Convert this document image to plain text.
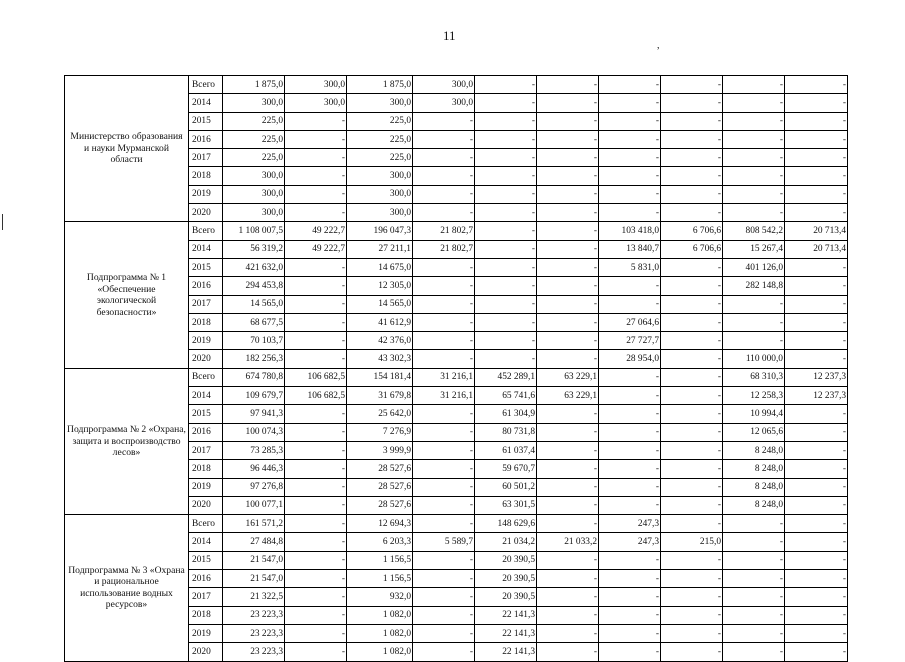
11
,
Министерство образования и науки Мурманской области	Всего	1 875,0	300,0	1 875,0	300,0	-	-	-	-	-	-
	2014	300,0	300,0	300,0	300,0	-	-	-	-	-	-
	2015	225,0	-	225,0	-	-	-	-	-	-	-
	2016	225,0	-	225,0	-	-	-	-	-	-	-
	2017	225,0	-	225,0	-	-	-	-	-	-	-
	2018	300,0	-	300,0	-	-	-	-	-	-	-
	2019	300,0	-	300,0	-	-	-	-	-	-	-
	2020	300,0	-	300,0	-	-	-	-	-	-	-
Подпрограмма № 1 «Обеспечение экологической безопасности»	Всего	1 108 007,5	49 222,7	196 047,3	21 802,7	-	-	103 418,0	6 706,6	808 542,2	20 713,4
	2014	56 319,2	49 222,7	27 211,1	21 802,7	-	-	13 840,7	6 706,6	15 267,4	20 713,4
	2015	421 632,0	-	14 675,0	-	-	-	5 831,0	-	401 126,0	-
	2016	294 453,8	-	12 305,0	-	-	-	-	-	282 148,8	-
	2017	14 565,0	-	14 565,0	-	-	-	-	-	-	-
	2018	68 677,5	-	41 612,9	-	-	-	27 064,6	-	-	-
	2019	70 103,7	-	42 376,0	-	-	-	27 727,7	-	-	-
	2020	182 256,3	-	43 302,3	-	-	-	28 954,0	-	110 000,0	-
Подпрограмма № 2 «Охрана, защита и воспроизводство лесов»	Всего	674 780,8	106 682,5	154 181,4	31 216,1	452 289,1	63 229,1	-	-	68 310,3	12 237,3
	2014	109 679,7	106 682,5	31 679,8	31 216,1	65 741,6	63 229,1	-	-	12 258,3	12 237,3
	2015	97 941,3	-	25 642,0	-	61 304,9	-	-	-	10 994,4	-
	2016	100 074,3	-	7 276,9	-	80 731,8	-	-	-	12 065,6	-
	2017	73 285,3	-	3 999,9	-	61 037,4	-	-	-	8 248,0	-
	2018	96 446,3	-	28 527,6	-	59 670,7	-	-	-	8 248,0	-
	2019	97 276,8	-	28 527,6	-	60 501,2	-	-	-	8 248,0	-
	2020	100 077,1	-	28 527,6	-	63 301,5	-	-	-	8 248,0	-
Подпрограмма № 3 «Охрана и рациональное использование водных ресурсов»	Всего	161 571,2	-	12 694,3	-	148 629,6	-	247,3	-	-	-
	2014	27 484,8	-	6 203,3	5 589,7	21 034,2	21 033,2	247,3	215,0	-	-
	2015	21 547,0	-	1 156,5	-	20 390,5	-	-	-	-	-
	2016	21 547,0	-	1 156,5	-	20 390,5	-	-	-	-	-
	2017	21 322,5	-	932,0	-	20 390,5	-	-	-	-	-
	2018	23 223,3	-	1 082,0	-	22 141,3	-	-	-	-	-
	2019	23 223,3	-	1 082,0	-	22 141,3	-	-	-	-	-
	2020	23 223,3	-	1 082,0	-	22 141,3	-	-	-	-	-
